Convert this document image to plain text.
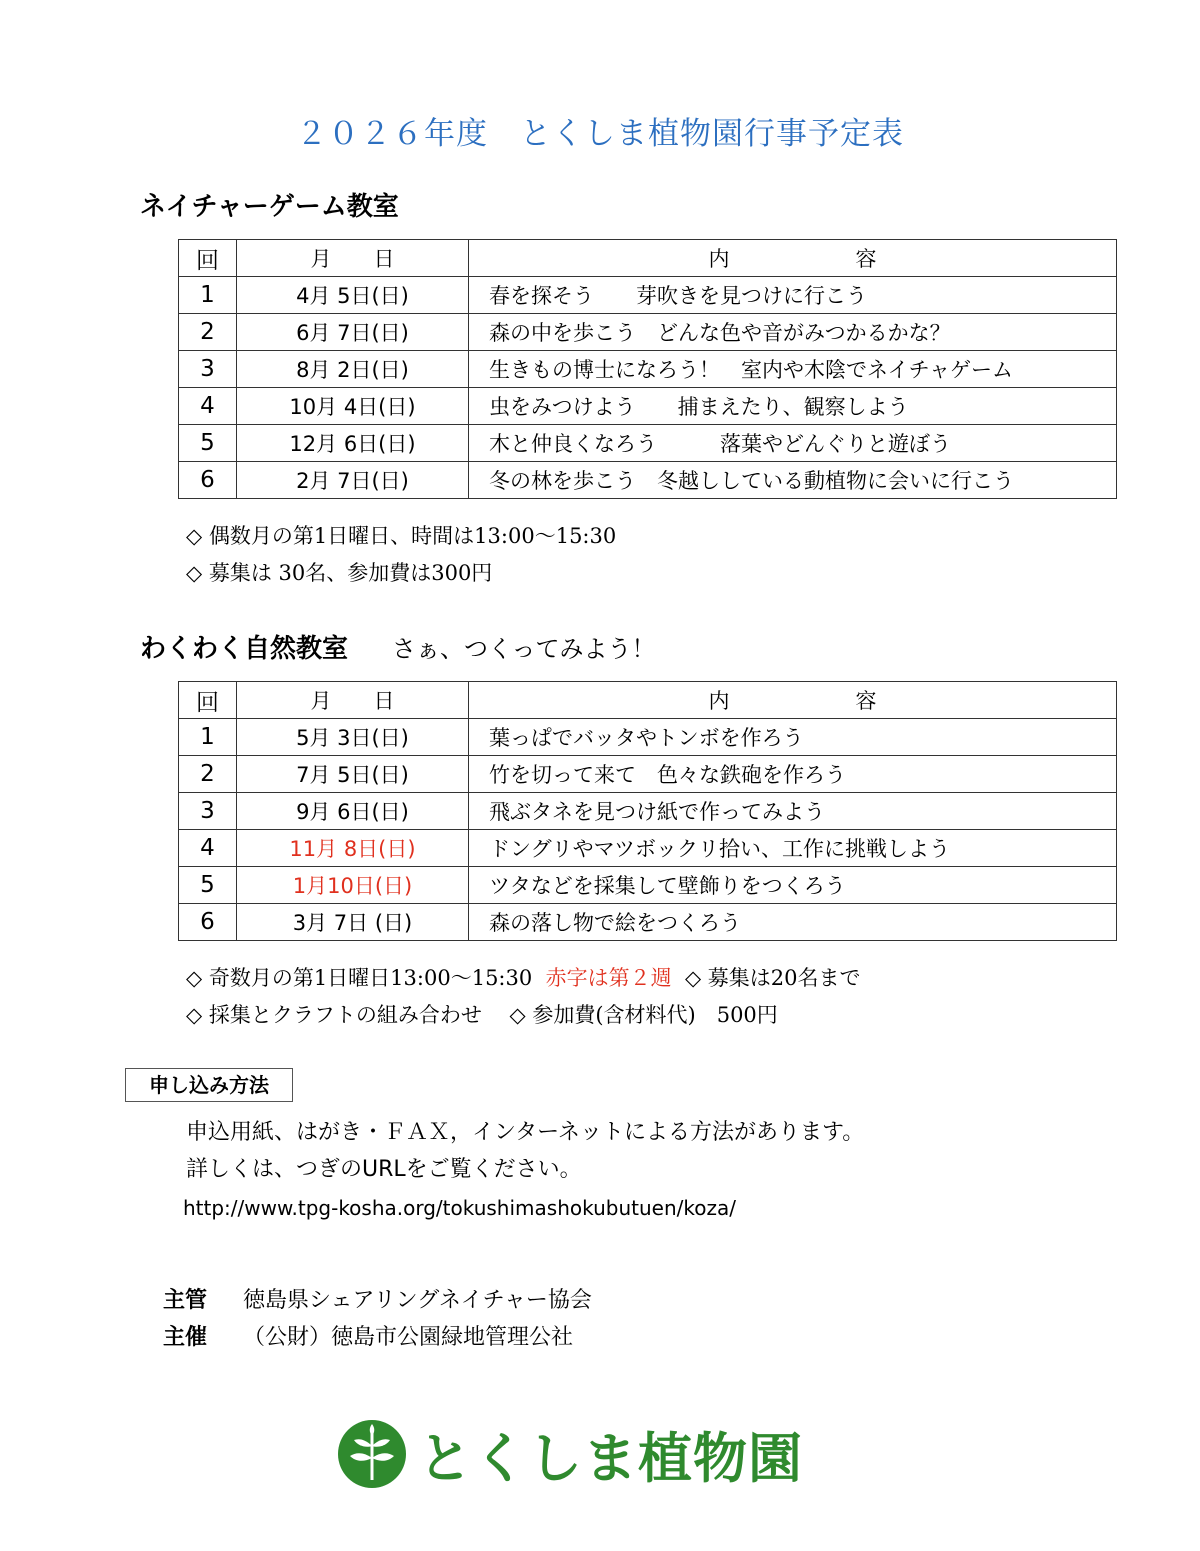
２０２６年度　とくしま植物園行事予定表
ネイチャーゲーム教室
回	月　　日	内　　　　　　容
1	4月 5日(日)	春を探そう　　芽吹きを見つけに行こう
2	6月 7日(日)	森の中を歩こう　どんな色や音がみつかるかな？
3	8月 2日(日)	生きもの博士になろう！　室内や木陰でネイチャゲーム
4	10月 4日(日)	虫をみつけよう　　捕まえたり、観察しよう
5	12月 6日(日)	木と仲良くなろう　　　落葉やどんぐりと遊ぼう
6	2月 7日(日)	冬の林を歩こう　冬越ししている動植物に会いに行こう
◇ 偶数月の第1日曜日、時間は13:00～15:30
◇ 募集は 30名、参加費は300円
わくわく自然教室 さぁ、つくってみよう！
回	月　　日	内　　　　　　容
1	5月 3日(日)	葉っぱでバッタやトンボを作ろう
2	7月 5日(日)	竹を切って来て　色々な鉄砲を作ろう
3	9月 6日(日)	飛ぶタネを見つけ紙で作ってみよう
4	11月 8日(日)	ドングリやマツボックリ拾い、工作に挑戦しよう
5	1月10日(日)	ツタなどを採集して壁飾りをつくろう
6	3月 7日 (日)	森の落し物で絵をつくろう
◇ 奇数月の第1日曜日13:00～15:30 赤字は第２週 ◇ 募集は20名まで
◇ 採集とクラフトの組み合わせ　 ◇ 参加費(含材料代)　500円
申し込み方法
申込用紙、はがき・ＦＡＸ，インターネットによる方法があります。
詳しくは、つぎのURLをご覧ください。
http://www.tpg-kosha.org/tokushimashokubutuen/koza/
主管 徳島県シェアリングネイチャー協会
主催 （公財）徳島市公園緑地管理公社
とくしま植物園
